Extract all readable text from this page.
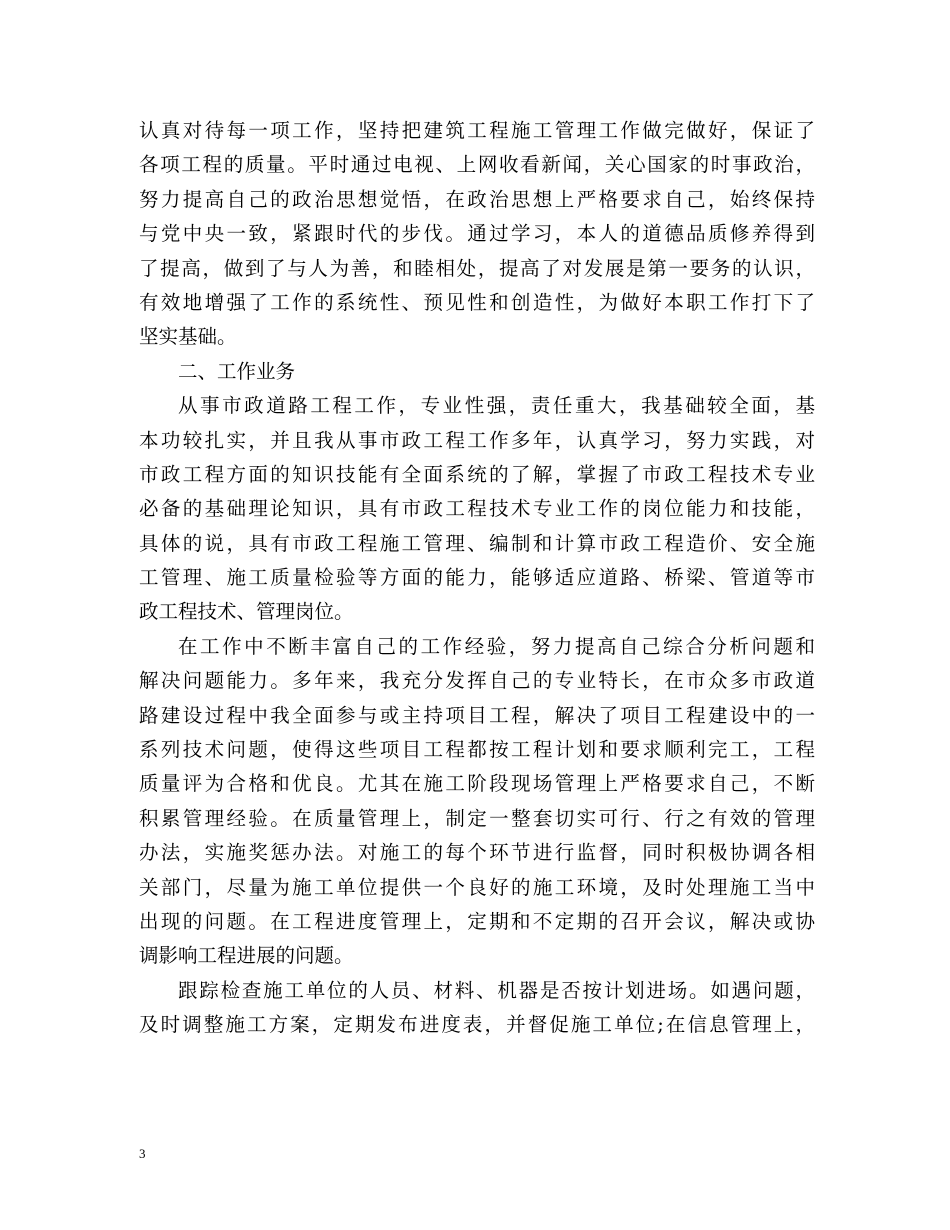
认真对待每一项工作，坚持把建筑工程施工管理工作做完做好，保证了
各项工程的质量。平时通过电视、上网收看新闻，关心国家的时事政治，
努力提高自己的政治思想觉悟，在政治思想上严格要求自己，始终保持
与党中央一致，紧跟时代的步伐。通过学习，本人的道德品质修养得到
了提高，做到了与人为善，和睦相处，提高了对发展是第一要务的认识，
有效地增强了工作的系统性、预见性和创造性，为做好本职工作打下了
坚实基础。
二、工作业务
从事市政道路工程工作，专业性强，责任重大，我基础较全面，基
本功较扎实，并且我从事市政工程工作多年，认真学习，努力实践，对
市政工程方面的知识技能有全面系统的了解，掌握了市政工程技术专业
必备的基础理论知识，具有市政工程技术专业工作的岗位能力和技能，
具体的说，具有市政工程施工管理、编制和计算市政工程造价、安全施
工管理、施工质量检验等方面的能力，能够适应道路、桥梁、管道等市
政工程技术、管理岗位。
在工作中不断丰富自己的工作经验，努力提高自己综合分析问题和
解决问题能力。多年来，我充分发挥自己的专业特长，在市众多市政道
路建设过程中我全面参与或主持项目工程，解决了项目工程建设中的一
系列技术问题，使得这些项目工程都按工程计划和要求顺利完工，工程
质量评为合格和优良。尤其在施工阶段现场管理上严格要求自己，不断
积累管理经验。在质量管理上，制定一整套切实可行、行之有效的管理
办法，实施奖惩办法。对施工的每个环节进行监督，同时积极协调各相
关部门，尽量为施工单位提供一个良好的施工环境，及时处理施工当中
出现的问题。在工程进度管理上，定期和不定期的召开会议，解决或协
调影响工程进展的问题。
跟踪检查施工单位的人员、材料、机器是否按计划进场。如遇问题，
及时调整施工方案，定期发布进度表，并督促施工单位;在信息管理上，
3
